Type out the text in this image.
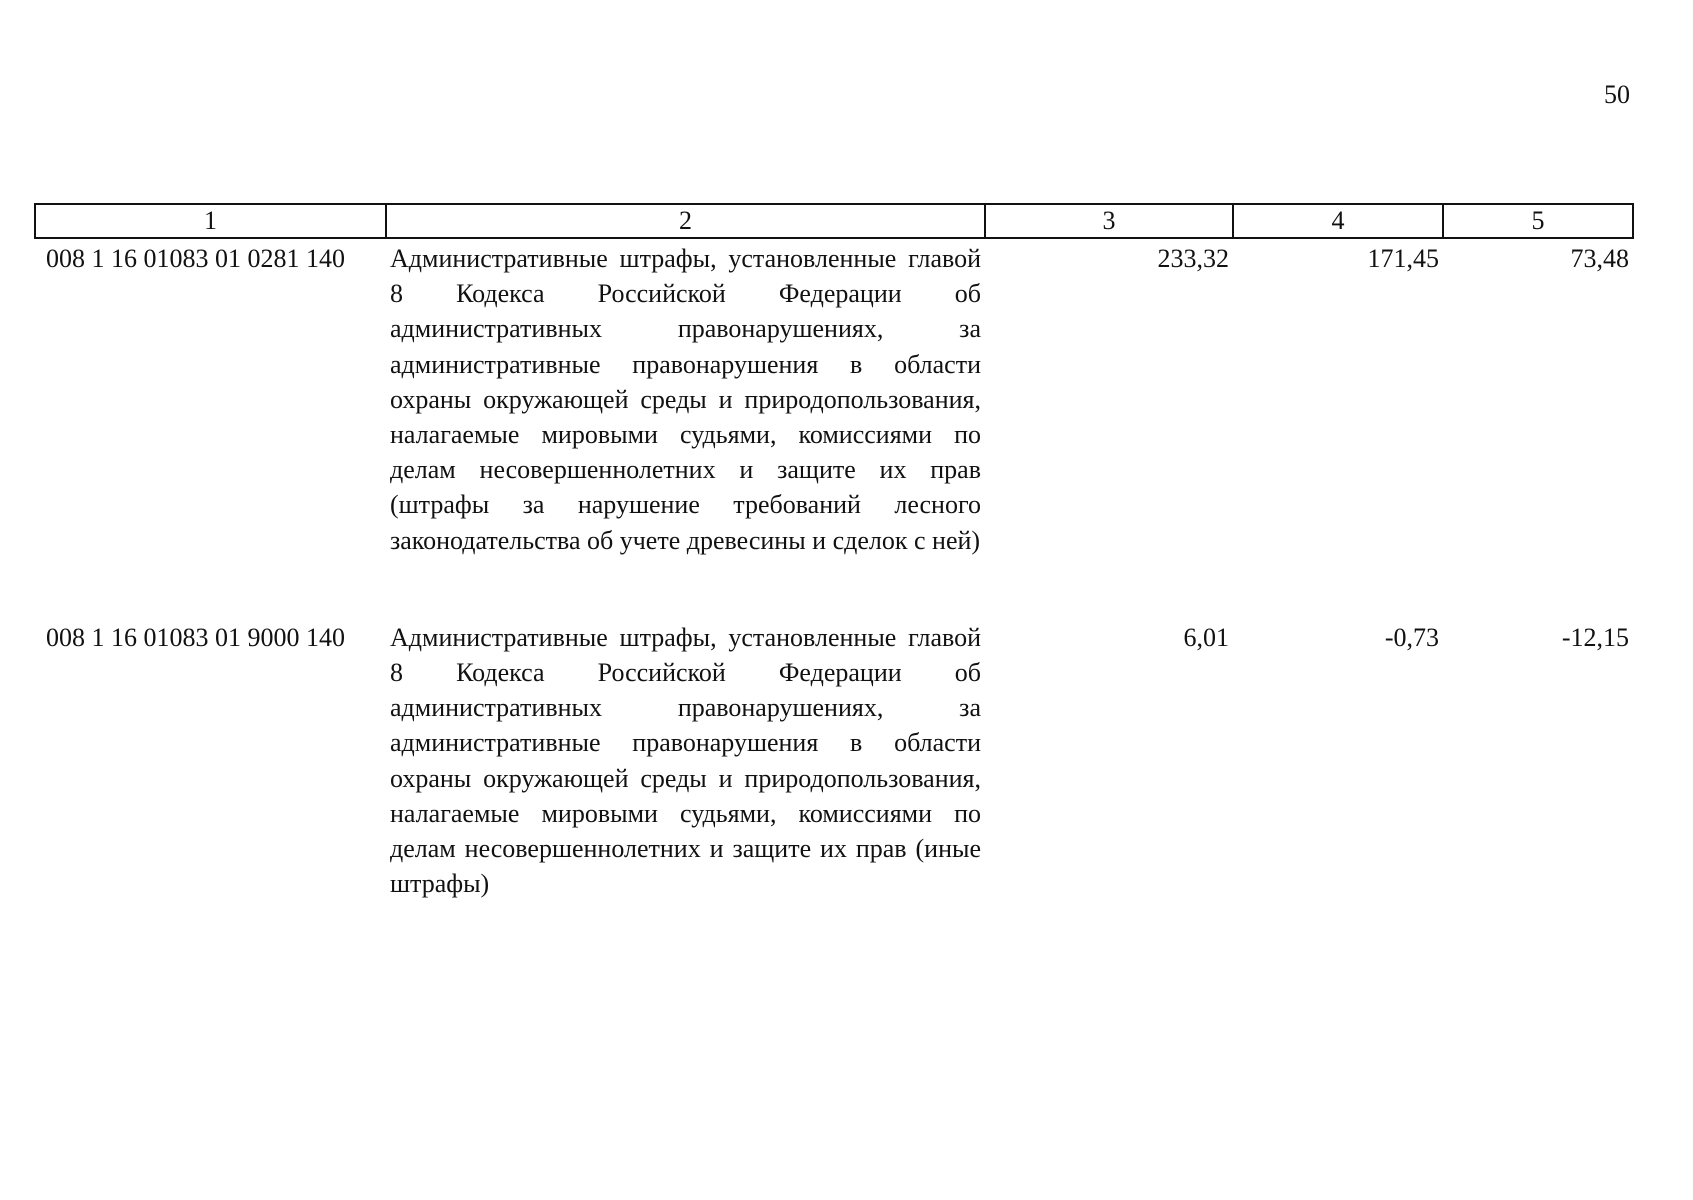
50
1	2	3	4	5
008 1 16 01083 01 0281 140	Административные штрафы, установленные главой 8 Кодекса Российской Федерации об административных правонарушениях, за административные правонарушения в области охраны окружающей среды и природопользования, налагаемые мировыми судьями, комиссиями по делам несовершеннолетних и защите их прав (штрафы за нарушение требований лесного законодательства об учете древесины и сделок с ней)	233,32	171,45	73,48
008 1 16 01083 01 9000 140	Административные штрафы, установленные главой 8 Кодекса Российской Федерации об административных правонарушениях, за административные правонарушения в области охраны окружающей среды и природопользования, налагаемые мировыми судьями, комиссиями по делам несовершеннолетних и защите их прав (иные штрафы)	6,01	-0,73	-12,15
